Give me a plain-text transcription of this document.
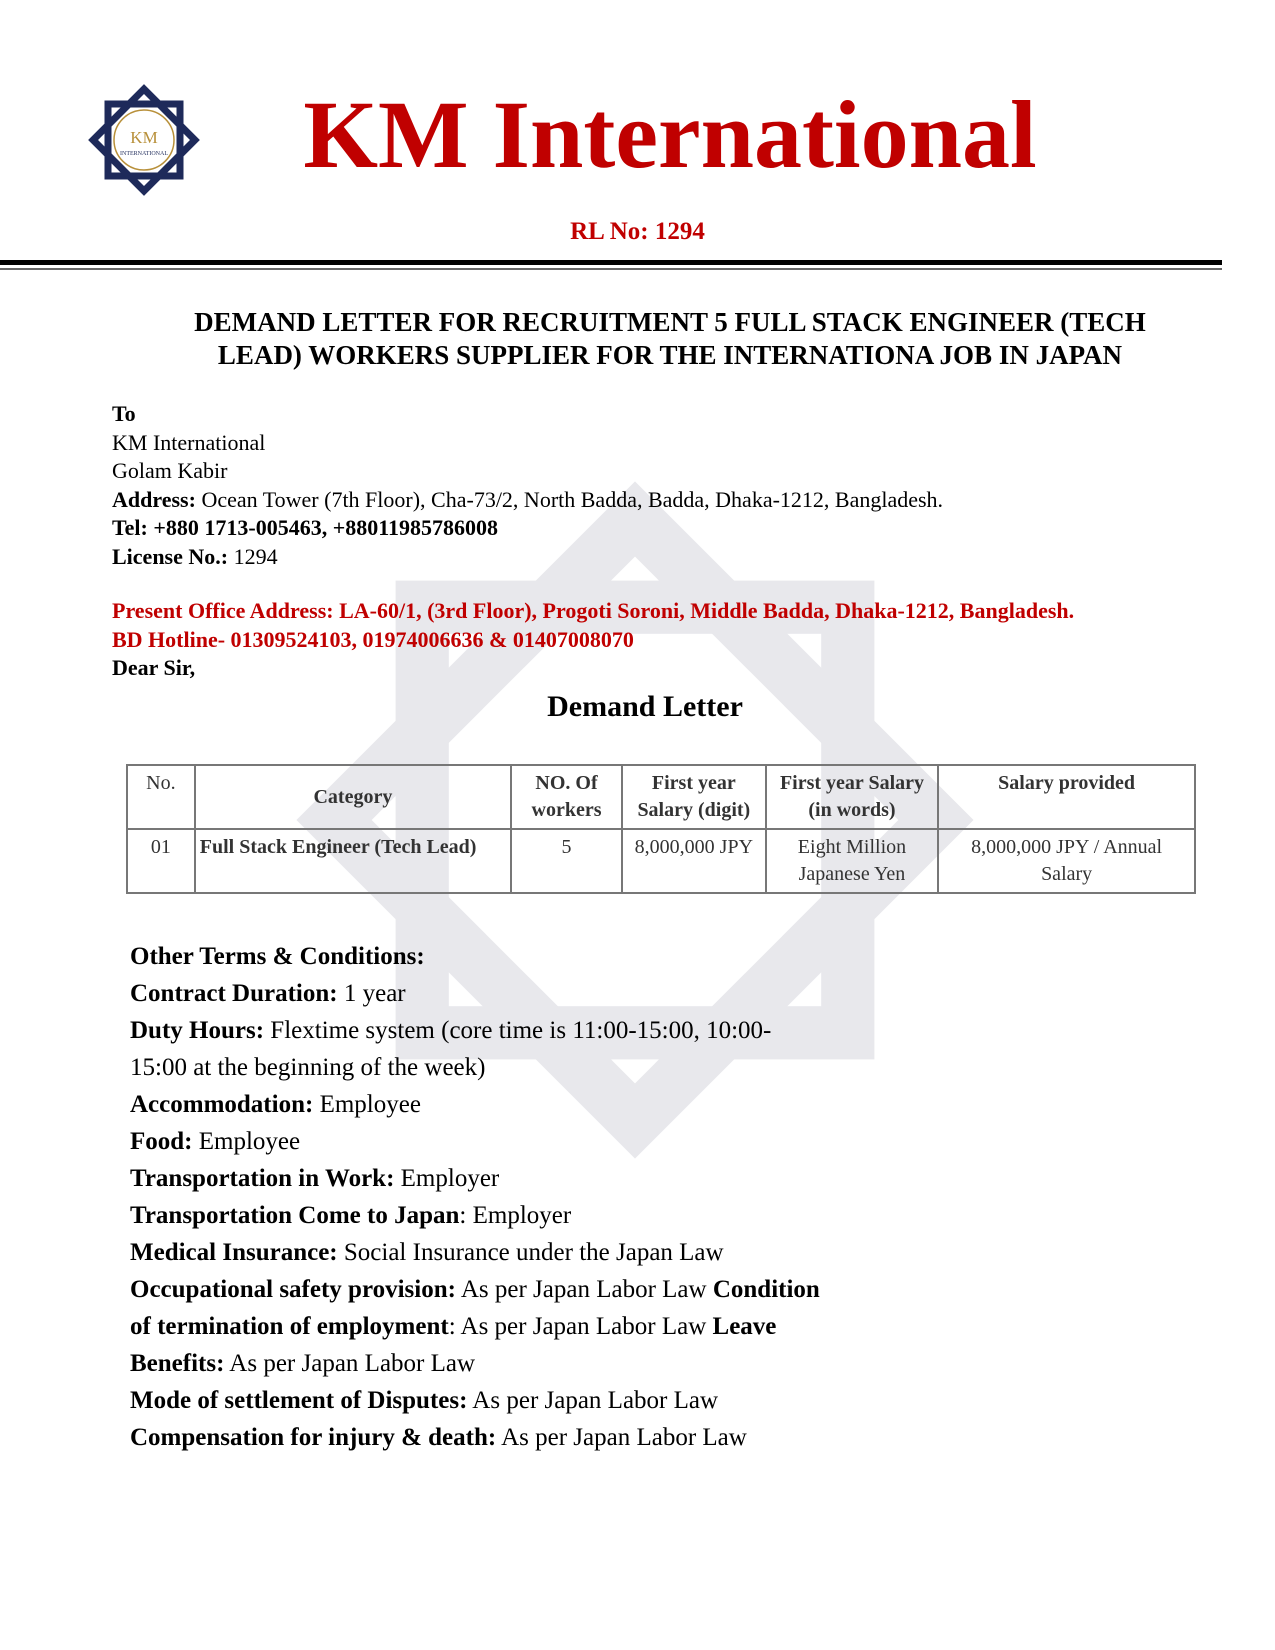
KM
INTERNATIONAL	KM International
RL No: 1294
DEMAND LETTER FOR RECRUITMENT 5 FULL STACK ENGINEER (TECH LEAD) WORKERS SUPPLIER FOR THE INTERNATIONA JOB IN JAPAN
To
KM International
Golam Kabir
Address: Ocean Tower (7th Floor), Cha-73/2, North Badda, Badda, Dhaka-1212, Bangladesh.
Tel: +880 1713-005463, +88011985786008
License No.: 1294
Present Office Address: LA-60/1, (3rd Floor), Progoti Soroni, Middle Badda, Dhaka-1212, Bangladesh.
BD Hotline- 01309524103, 01974006636 & 01407008070
Dear Sir,
Demand Letter
No.	Category	NO. Of workers	First year Salary (digit)	First year Salary (in words)	Salary provided
01	Full Stack Engineer (Tech Lead)	5	8,000,000 JPY	Eight Million Japanese Yen	8,000,000 JPY / Annual Salary
Other Terms & Conditions:
Contract Duration: 1 year
Duty Hours: Flextime system (core time is 11:00-15:00, 10:00- 15:00 at the beginning of the week)
Accommodation: Employee
Food: Employee
Transportation in Work: Employer
Transportation Come to Japan: Employer
Medical Insurance: Social Insurance under the Japan Law Occupational safety provision: As per Japan Labor Law Condition of termination of employment: As per Japan Labor Law Leave Benefits: As per Japan Labor Law
Mode of settlement of Disputes: As per Japan Labor Law
Compensation for injury & death: As per Japan Labor Law
